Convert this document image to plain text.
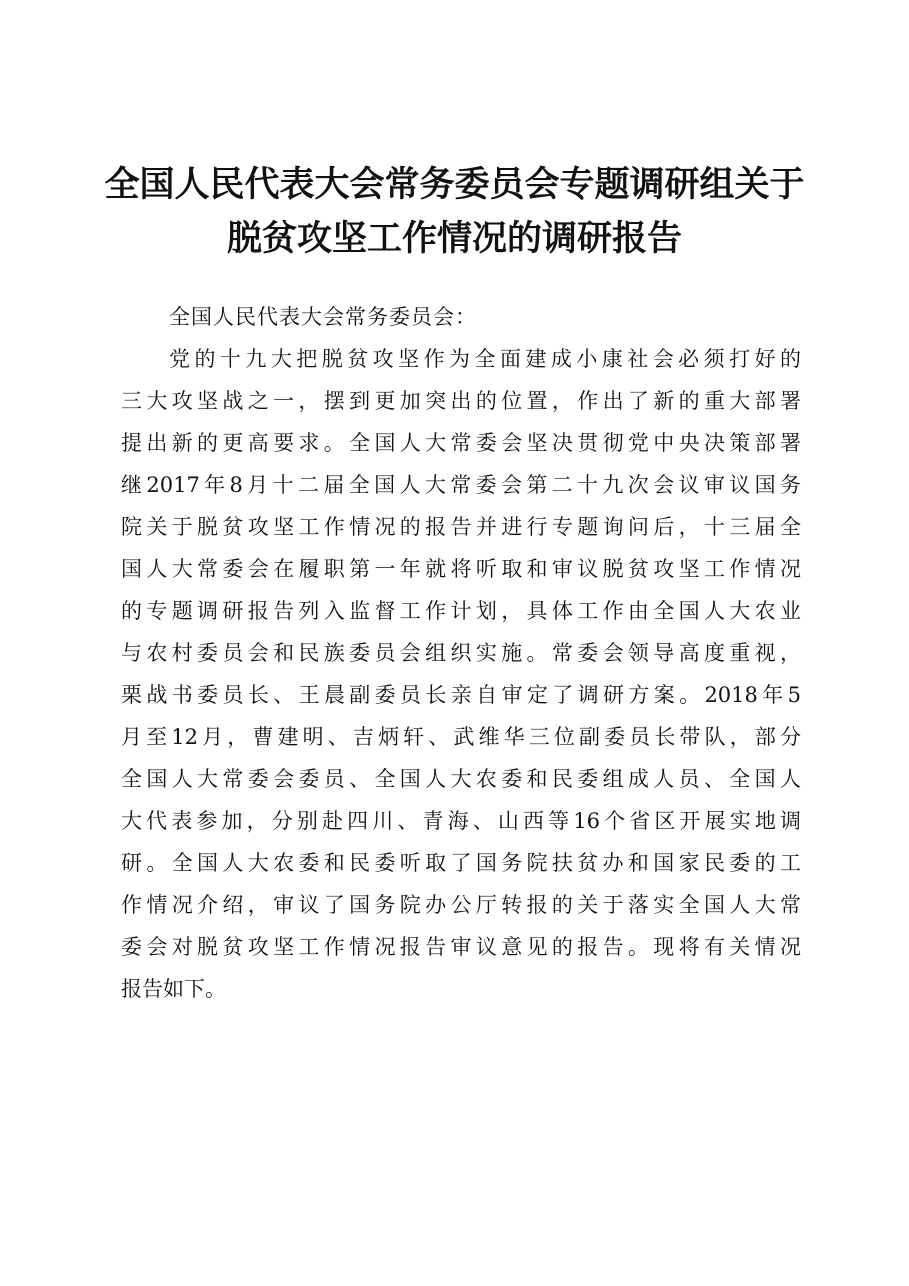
全国人民代表大会常务委员会专题调研组关于
脱贫攻坚工作情况的调研报告
全国人民代表大会常务委员会：
党的十九大把脱贫攻坚作为全面建成小康社会必须打好的
三大攻坚战之一，摆到更加突出的位置，作出了新的重大部署
提出新的更高要求。全国人大常委会坚决贯彻党中央决策部署
继2017年8月十二届全国人大常委会第二十九次会议审议国务
院关于脱贫攻坚工作情况的报告并进行专题询问后，十三届全
国人大常委会在履职第一年就将听取和审议脱贫攻坚工作情况
的专题调研报告列入监督工作计划，具体工作由全国人大农业
与农村委员会和民族委员会组织实施。常委会领导高度重视，
栗战书委员长、王晨副委员长亲自审定了调研方案。2018年5
月至12月，曹建明、吉炳轩、武维华三位副委员长带队，部分
全国人大常委会委员、全国人大农委和民委组成人员、全国人
大代表参加，分别赴四川、青海、山西等16个省区开展实地调
研。全国人大农委和民委听取了国务院扶贫办和国家民委的工
作情况介绍，审议了国务院办公厅转报的关于落实全国人大常
委会对脱贫攻坚工作情况报告审议意见的报告。现将有关情况
报告如下。
